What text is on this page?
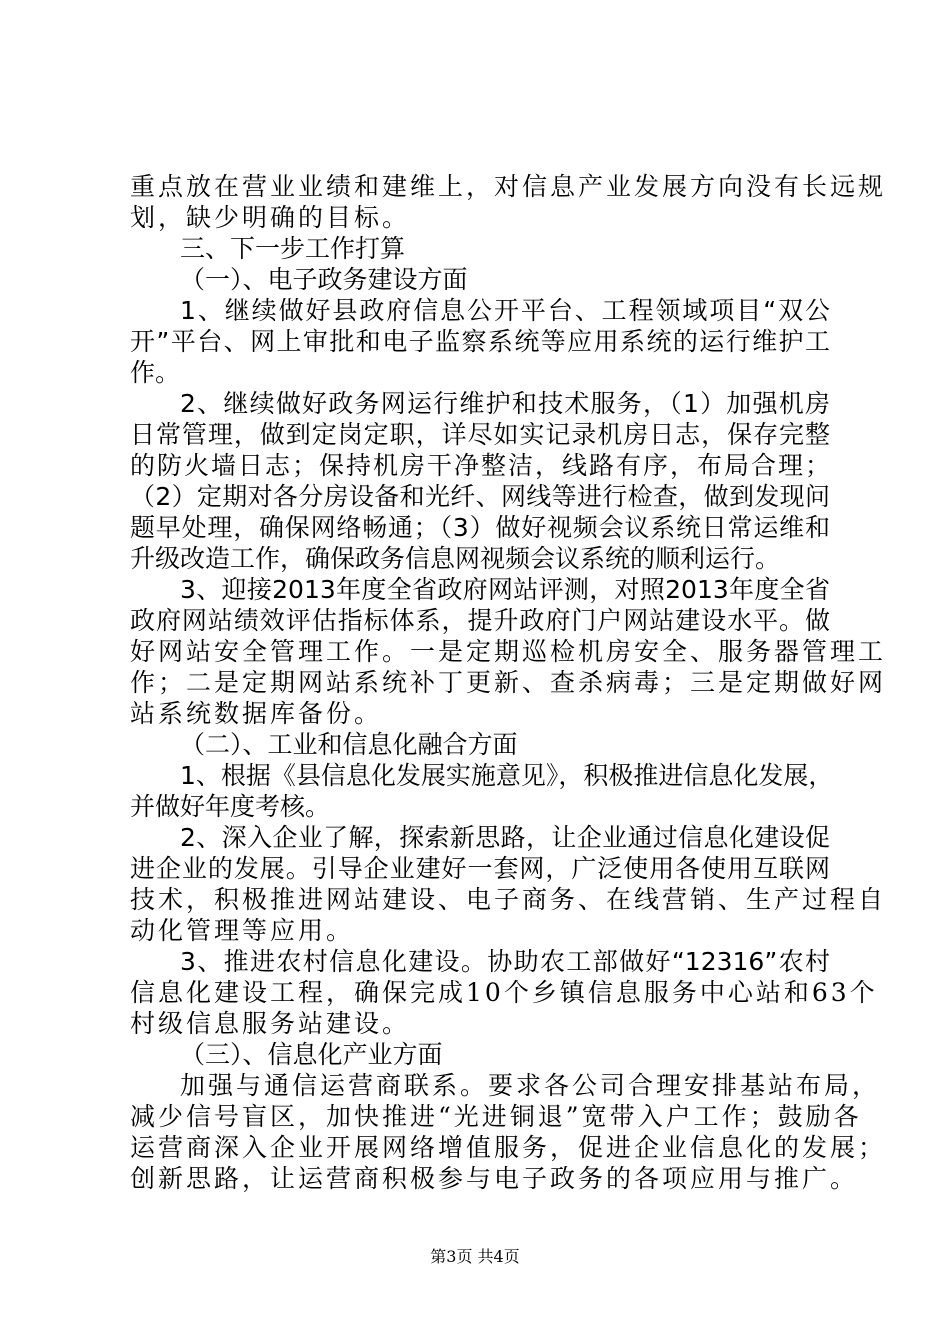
重点放在营业业绩和建维上，对信息产业发展方向没有长远规
划，缺少明确的目标。
三、下一步工作打算
（一）、电子政务建设方面
1、继续做好县政府信息公开平台、工程领域项目“双公
开”平台、网上审批和电子监察系统等应用系统的运行维护工
作。
2、继续做好政务网运行维护和技术服务，（1）加强机房
日常管理，做到定岗定职，详尽如实记录机房日志，保存完整
的防火墙日志；保持机房干净整洁，线路有序，布局合理；
（2）定期对各分房设备和光纤、网线等进行检查，做到发现问
题早处理，确保网络畅通；（3）做好视频会议系统日常运维和
升级改造工作，确保政务信息网视频会议系统的顺利运行。
3、迎接2013年度全省政府网站评测，对照2013年度全省
政府网站绩效评估指标体系，提升政府门户网站建设水平。做
好网站安全管理工作。一是定期巡检机房安全、服务器管理工
作；二是定期网站系统补丁更新、查杀病毒；三是定期做好网
站系统数据库备份。
（二）、工业和信息化融合方面
1、根据《县信息化发展实施意见》，积极推进信息化发展，
并做好年度考核。
2、深入企业了解，探索新思路，让企业通过信息化建设促
进企业的发展。引导企业建好一套网，广泛使用各使用互联网
技术，积极推进网站建设、电子商务、在线营销、生产过程自
动化管理等应用。
3、推进农村信息化建设。协助农工部做好“12316”农村
信息化建设工程，确保完成10个乡镇信息服务中心站和63个
村级信息服务站建设。
（三）、信息化产业方面
加强与通信运营商联系。要求各公司合理安排基站布局，
减少信号盲区，加快推进“光进铜退”宽带入户工作；鼓励各
运营商深入企业开展网络增值服务，促进企业信息化的发展；
创新思路，让运营商积极参与电子政务的各项应用与推广。
第3页 共4页
